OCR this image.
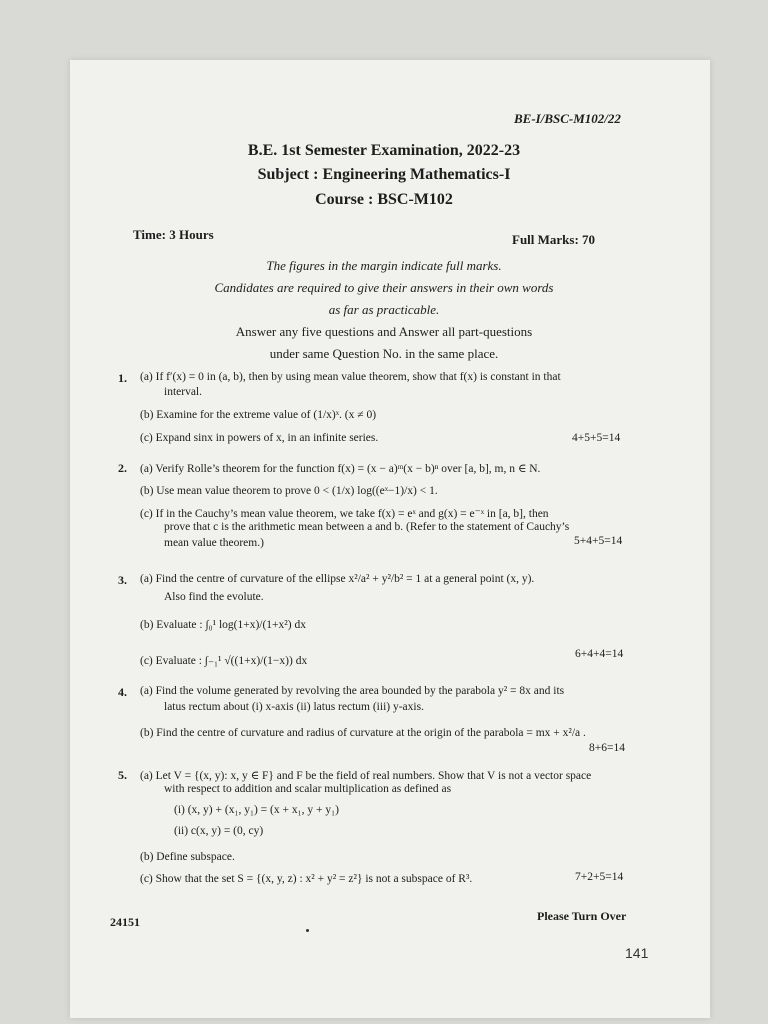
BE-I/BSC-M102/22
B.E. 1st Semester Examination, 2022-23
Subject : Engineering Mathematics-I
Course : BSC-M102
Time: 3 Hours	Full Marks: 70
The figures in the margin indicate full marks.
Candidates are required to give their answers in their own words
as far as practicable.
Answer any five questions and Answer all part-questions
under same Question No. in the same place.
1. (a) If f′(x) = 0 in (a, b), then by using mean value theorem, show that f(x) is constant in that
interval.
(b) Examine for the extreme value of (1/x)ˣ. (x ≠ 0)
(c) Expand sinx in powers of x, in an infinite series.	4+5+5=14
2. (a) Verify Rolle’s theorem for the function f(x) = (x − a)ᵐ(x − b)ⁿ over [a, b], m, n ∈ N.
(b) Use mean value theorem to prove 0 < (1/x) log((eˣ−1)/x) < 1.
(c) If in the Cauchy’s mean value theorem, we take f(x) = eˣ and g(x) = e⁻ˣ in [a, b], then
prove that c is the arithmetic mean between a and b. (Refer to the statement of Cauchy’s
mean value theorem.)	5+4+5=14
3. (a) Find the centre of curvature of the ellipse x²/a² + y²/b² = 1 at a general point (x, y).
Also find the evolute.
(b) Evaluate : ∫₀¹ log(1+x)/(1+x²) dx
(c) Evaluate : ∫₋₁¹ √((1+x)/(1−x)) dx
6+4+4=14
4. (a) Find the volume generated by revolving the area bounded by the parabola y² = 8x and its
latus rectum about (i) x-axis (ii) latus rectum (iii) y-axis.
(b) Find the centre of curvature and radius of curvature at the origin of the parabola = mx + x²/a .
8+6=14
5. (a) Let V = {(x, y): x, y ∈ F} and F be the field of real numbers. Show that V is not a vector space
with respect to addition and scalar multiplication as defined as
(i) (x, y) + (x₁, y₁) = (x + x₁, y + y₁)
(ii) c(x, y) = (0, cy)
(b) Define subspace.
(c) Show that the set S = {(x, y, z) : x² + y² = z²} is not a subspace of R³.	7+2+5=14
24151	Please Turn Over
141
